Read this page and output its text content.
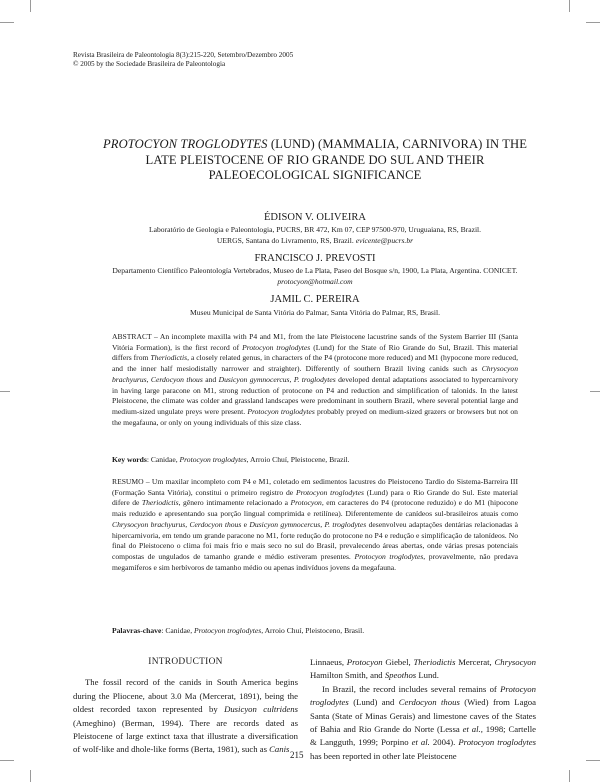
Revista Brasileira de Paleontologia 8(3):215-220, Setembro/Dezembro 2005
© 2005 by the Sociedade Brasileira de Paleontologia
PROTOCYON TROGLODYTES (LUND) (MAMMALIA, CARNIVORA) IN THE
LATE PLEISTOCENE OF RIO GRANDE DO SUL AND THEIR
PALEOECOLOGICAL SIGNIFICANCE
ÉDISON V. OLIVEIRA
Laboratório de Geologia e Paleontologia, PUCRS, BR 472, Km 07, CEP 97500-970, Uruguaiana, RS, Brazil.
UERGS, Santana do Livramento, RS, Brazil. evicente@pucrs.br
FRANCISCO J. PREVOSTI
Departamento Científico Paleontología Vertebrados, Museo de La Plata, Paseo del Bosque s/n, 1900, La Plata, Argentina. CONICET.
protocyon@hotmail.com
JAMIL C. PEREIRA
Museu Municipal de Santa Vitória do Palmar, Santa Vitória do Palmar, RS, Brasil.
ABSTRACT – An incomplete maxilla with P4 and M1, from the late Pleistocene lacustrine sands of the System Barrier III (Santa Vitória Formation), is the first record of Protocyon troglodytes (Lund) for the State of Rio Grande do Sul, Brazil. This material differs from Theriodictis, a closely related genus, in characters of the P4 (protocone more reduced) and M1 (hypocone more reduced, and the inner half mesiodistally narrower and straighter). Differently of southern Brazil living canids such as Chrysocyon brachyurus, Cerdocyon thous and Dusicyon gymnocercus, P. troglodytes developed dental adaptations associated to hypercarnivory in having large paracone on M1, strong reduction of protocone on P4 and reduction and simplification of talonids. In the latest Pleistocene, the climate was colder and grassland landscapes were predominant in southern Brazil, where several potential large and medium-sized ungulate preys were present. Protocyon troglodytes probably preyed on medium-sized grazers or browsers but not on the megafauna, or only on young individuals of this size class.
Key words: Canidae, Protocyon troglodytes, Arroio Chuí, Pleistocene, Brazil.
RESUMO – Um maxilar incompleto com P4 e M1, coletado em sedimentos lacustres do Pleistoceno Tardio do Sistema-Barreira III (Formação Santa Vitória), constitui o primeiro registro de Protocyon troglodytes (Lund) para o Rio Grande do Sul. Este material difere de Theriodictis, gênero intimamente relacionado a Protocyon, em caracteres do P4 (protocone reduzido) e do M1 (hipocone mais reduzido e apresentando sua porção lingual comprimida e retilínea). Diferentemente de canídeos sul-brasileiros atuais como Chrysocyon brachyurus, Cerdocyon thous e Dusicyon gymnocercus, P. troglodytes desenvolveu adaptações dentárias relacionadas à hipercarnivoria, em tendo um grande paracone no M1, forte redução do protocone no P4 e redução e simplificação de talonídeos. No final do Pleistoceno o clima foi mais frio e mais seco no sul do Brasil, prevalecendo áreas abertas, onde várias presas potenciais compostas de ungulados de tamanho grande e médio estiveram presentes. Protocyon troglodytes, provavelmente, não predava megamíferos e sim herbívoros de tamanho médio ou apenas indivíduos jovens da megafauna.
Palavras-chave: Canidae, Protocyon troglodytes, Arroio Chuí, Pleistoceno, Brasil.
INTRODUCTION

The fossil record of the canids in South America begins during the Pliocene, about 3.0 Ma (Mercerat, 1891), being the oldest recorded taxon represented by Dusicyon cultridens (Ameghino) (Berman, 1994). There are records dated as Pleistocene of large extinct taxa that illustrate a diversification of wolf-like and dhole-like forms (Berta, 1981), such as Canis

Linnaeus, Protocyon Giebel, Theriodictis Mercerat, Chrysocyon Hamilton Smith, and Speothos Lund.

In Brazil, the record includes several remains of Protocyon troglodytes (Lund) and Cerdocyon thous (Wied) from Lagoa Santa (State of Minas Gerais) and limestone caves of the States of Bahia and Rio Grande do Norte (Lessa et al., 1998; Cartelle & Langguth, 1999; Porpino et al. 2004). Protocyon troglodytes has been reported in other late Pleistocene

215
